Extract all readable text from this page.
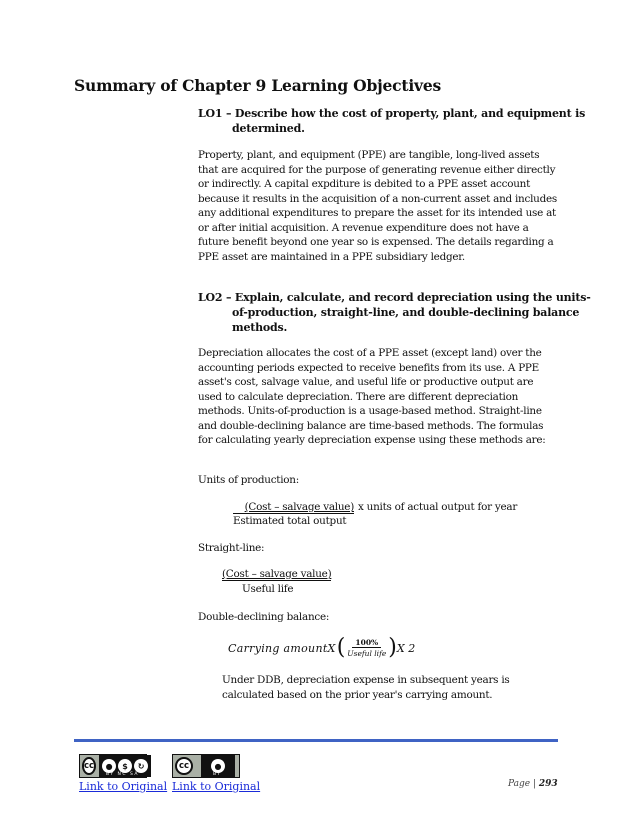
Summary of Chapter 9 Learning Objectives
LO1 – Describe how the cost of property, plant, and equipment is determined.

Property, plant, and equipment (PPE) are tangible, long-lived assets that are acquired for the purpose of generating revenue either directly or indirectly. A capital expditure is debited to a PPE asset account because it results in the acquisition of a non-current asset and includes any additional expenditures to prepare the asset for its intended use at or after initial acquisition. A revenue expenditure does not have a future benefit beyond one year so is expensed. The details regarding a PPE asset are maintained in a PPE subsidiary ledger.

LO2 – Explain, calculate, and record depreciation using the units-of-production, straight-line, and double-declining balance methods.

Depreciation allocates the cost of a PPE asset (except land) over the accounting periods expected to receive benefits from its use. A PPE asset's cost, salvage value, and useful life or productive output are used to calculate depreciation. There are different depreciation methods. Units-of-production is a usage-based method. Straight-line and double-declining balance are time-based methods. The formulas for calculating yearly depreciation expense using these methods are:

Units of production:
(Cost – salvage value) x units of actual output for year
Estimated total output
Straight-line:
(Cost – salvage value)
Useful life
Double-declining balance:
Carrying amountX (	100%
Useful life ) X 2

Under DDB, depreciation expense in subsequent years is calculated based on the prior year's carrying amount.

cc	●	$	↻
BY NC SA
cc	●
BY
Link to Original Link to Original	Page | 293
